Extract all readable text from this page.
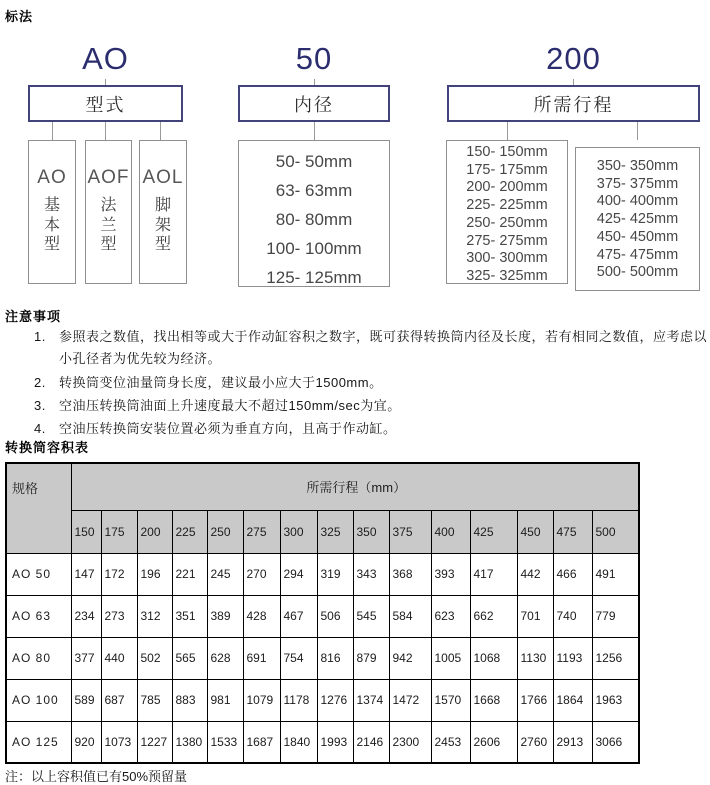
标法
AO
型式
AO
基本型
AOF
法兰型
AOL
脚架型
50
内径
50- 50mm
63- 63mm
80- 80mm
100- 100mm
125- 125mm
200
所需行程
150- 150mm
175- 175mm
200- 200mm
225- 225mm
250- 250mm
275- 275mm
300- 300mm
325- 325mm
350- 350mm
375- 375mm
400- 400mm
425- 425mm
450- 450mm
475- 475mm
500- 500mm
注意事项
1. 参照表之数值，找出相等或大于作动缸容积之数字，既可获得转换筒内径及长度，若有相同之数值，应考虑以小孔径者为优先较为经济。
2. 转换筒变位油量筒身长度，建议最小应大于1500mm。
3. 空油压转换筒油面上升速度最大不超过150mm/sec为宜。
4. 空油压转换筒安装位置必须为垂直方向，且高于作动缸。
转换筒容积表
规格	所需行程（mm）														
	150	175	200	225	250	275	300	325	350	375	400	425	450	475	500
AO 50	147	172	196	221	245	270	294	319	343	368	393	417	442	466	491
AO 63	234	273	312	351	389	428	467	506	545	584	623	662	701	740	779
AO 80	377	440	502	565	628	691	754	816	879	942	1005	1068	1130	1193	1256
AO 100	589	687	785	883	981	1079	1178	1276	1374	1472	1570	1668	1766	1864	1963
AO 125	920	1073	1227	1380	1533	1687	1840	1993	2146	2300	2453	2606	2760	2913	3066
注：以上容积值已有50%预留量
